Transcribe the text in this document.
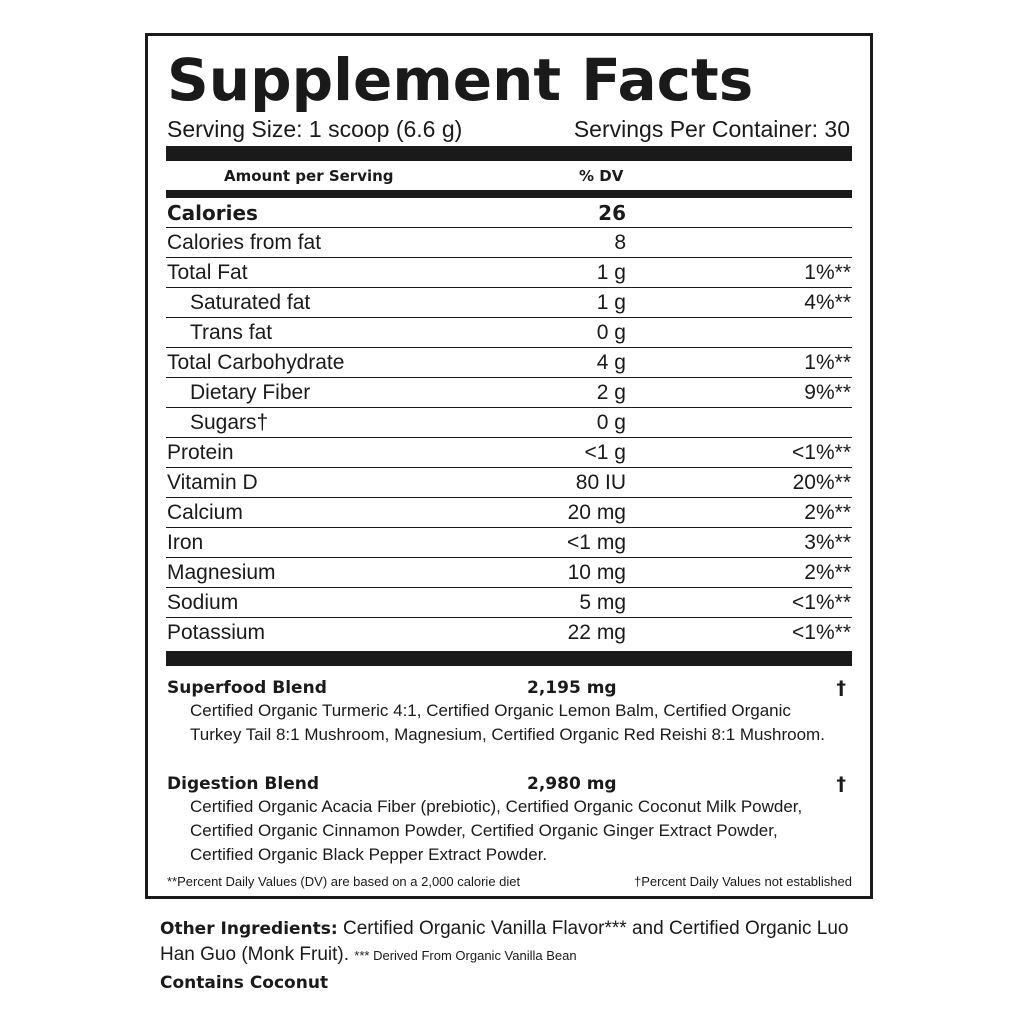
Supplement Facts
Serving Size: 1 scoop (6.6 g)	Servings Per Container: 30
Amount per Serving	% DV
Calories	26
Calories from fat	8
Total Fat	1 g	1%**
Saturated fat	1 g	4%**
Trans fat	0 g
Total Carbohydrate	4 g	1%**
Dietary Fiber	2 g	9%**
Sugars†	0 g
Protein	<1 g	<1%**
Vitamin D	80 IU	20%**
Calcium	20 mg	2%**
Iron	<1 mg	3%**
Magnesium	10 mg	2%**
Sodium	5 mg	<1%**
Potassium	22 mg	<1%**
Superfood Blend	2,195 mg	†
Certified Organic Turmeric 4:1, Certified Organic Lemon Balm, Certified Organic Turkey Tail 8:1 Mushroom, Magnesium, Certified Organic Red Reishi 8:1 Mushroom.
Digestion Blend	2,980 mg	†
Certified Organic Acacia Fiber (prebiotic), Certified Organic Coconut Milk Powder, Certified Organic Cinnamon Powder, Certified Organic Ginger Extract Powder, Certified Organic Black Pepper Extract Powder.
**Percent Daily Values (DV) are based on a 2,000 calorie diet	†Percent Daily Values not established
Other Ingredients: Certified Organic Vanilla Flavor*** and Certified Organic Luo Han Guo (Monk Fruit). *** Derived From Organic Vanilla Bean
Contains Coconut
